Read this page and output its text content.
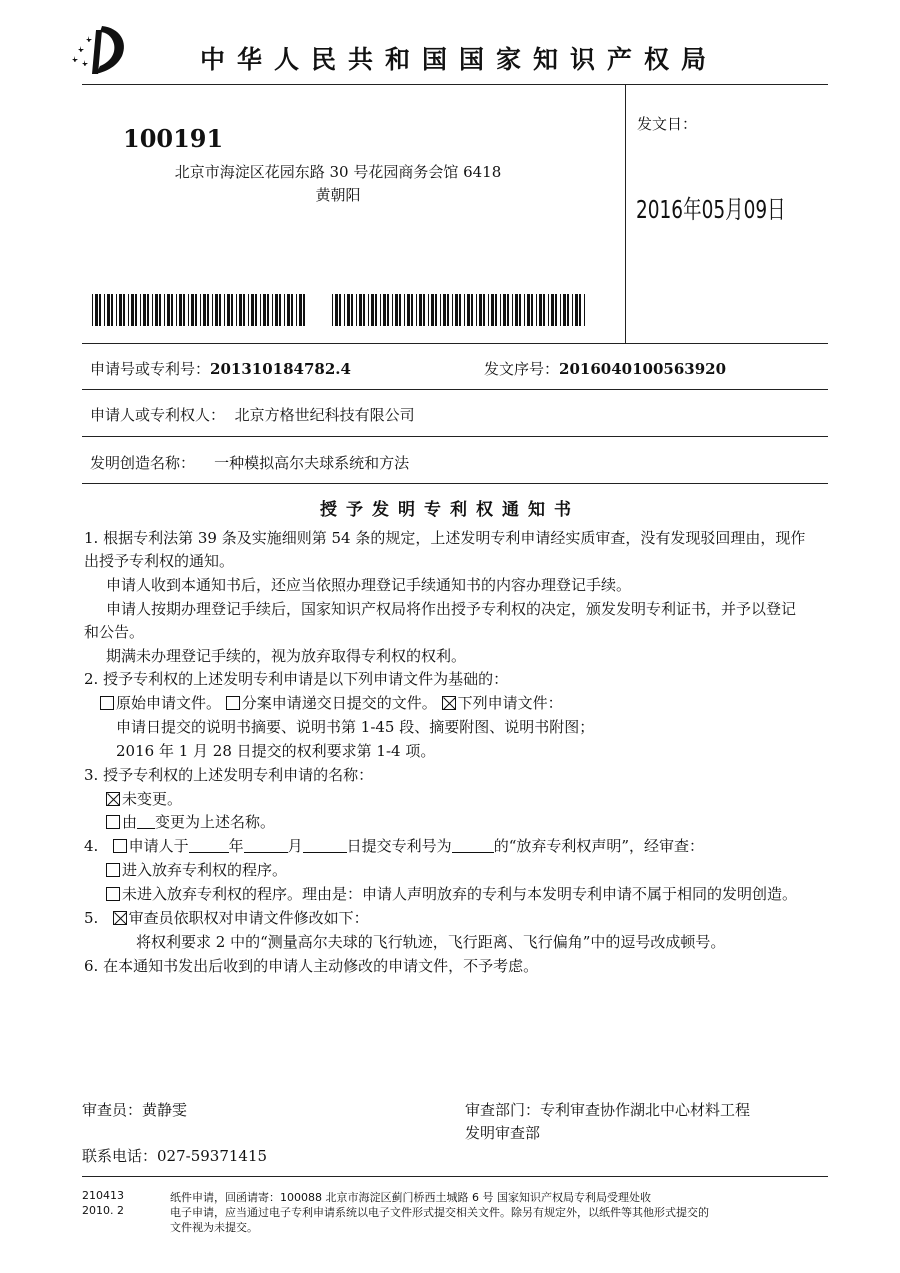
中华人民共和国国家知识产权局
100191
北京市海淀区花园东路 30 号花园商务会馆 6418
黄朝阳
发文日：
2016年05月09日
申请号或专利号：201310184782.4	发文序号：2016040100563920
申请人或专利权人： 北京方格世纪科技有限公司
发明创造名称： 一种模拟高尔夫球系统和方法
授予发明专利权通知书
1. 根据专利法第 39 条及实施细则第 54 条的规定，上述发明专利申请经实质审查，没有发现驳回理由，现作
出授予专利权的通知。
申请人收到本通知书后，还应当依照办理登记手续通知书的内容办理登记手续。
申请人按期办理登记手续后，国家知识产权局将作出授予专利权的决定，颁发发明专利证书，并予以登记
和公告。
期满未办理登记手续的，视为放弃取得专利权的权利。
2. 授予专利权的上述发明专利申请是以下列申请文件为基础的：
原始申请文件。 分案申请递交日提交的文件。 下列申请文件：
申请日提交的说明书摘要、说明书第 1-45 段、摘要附图、说明书附图；
2016 年 1 月 28 日提交的权利要求第 1-4 项。
3. 授予专利权的上述发明专利申请的名称：
未变更。
由 变更为上述名称。
4. 申请人于	年	月	日提交专利号为	的“放弃专利权声明”，经审查：
进入放弃专利权的程序。
未进入放弃专利权的程序。理由是：申请人声明放弃的专利与本发明专利申请不属于相同的发明创造。
5. 审查员依职权对申请文件修改如下：
将权利要求 2 中的“测量高尔夫球的飞行轨迹，飞行距离、飞行偏角”中的逗号改成顿号。
6. 在本通知书发出后收到的申请人主动修改的申请文件，不予考虑。
审查员：黄静雯	审查部门：专利审查协作湖北中心材料工程
发明审查部
联系电话：027-59371415
210413
2010. 2
纸件申请，回函请寄：100088 北京市海淀区蓟门桥西土城路 6 号 国家知识产权局专利局受理处收
电子申请，应当通过电子专利申请系统以电子文件形式提交相关文件。除另有规定外，以纸件等其他形式提交的
文件视为未提交。
